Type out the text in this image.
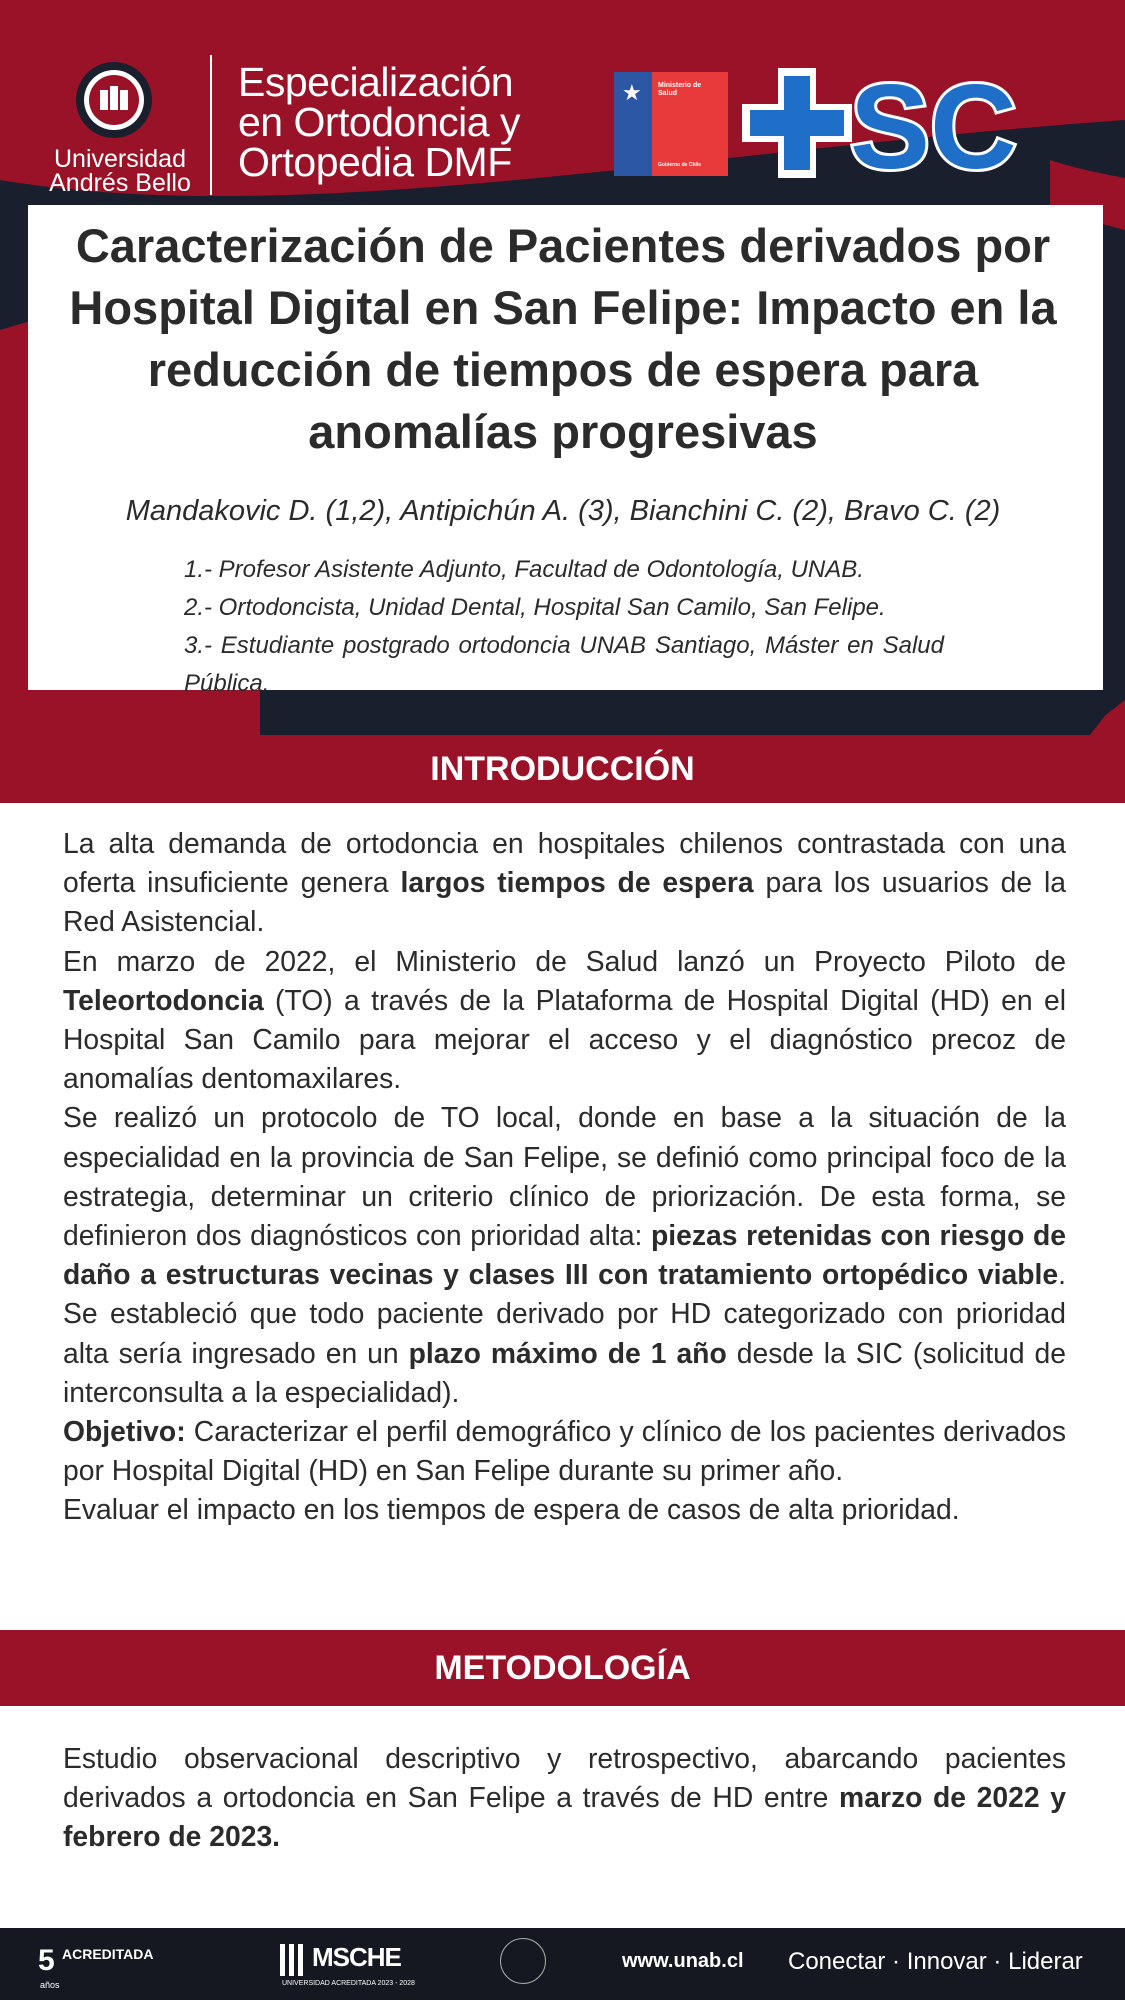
Universidad
Andrés Bello
Especialización
en Ortodoncia y
Ortopedia DMF
★ Ministerio de
Salud
Gobierno de Chile SC
Caracterización de Pacientes derivados por Hospital Digital en San Felipe: Impacto en la reducción de tiempos de espera para anomalías progresivas

Mandakovic D. (1,2), Antipichún A. (3), Bianchini C. (2), Bravo C. (2)

1.- Profesor Asistente Adjunto, Facultad de Odontología, UNAB.

2.- Ortodoncista, Unidad Dental, Hospital San Camilo, San Felipe.

3.- Estudiante postgrado ortodoncia UNAB Santiago, Máster en Salud Pública.

INTRODUCCIÓN

La alta demanda de ortodoncia en hospitales chilenos contrastada con una oferta insuficiente genera largos tiempos de espera para los usuarios de la Red Asistencial.

En marzo de 2022, el Ministerio de Salud lanzó un Proyecto Piloto de Teleortodoncia (TO) a través de la Plataforma de Hospital Digital (HD) en el Hospital San Camilo para mejorar el acceso y el diagnóstico precoz de anomalías dentomaxilares.

Se realizó un protocolo de TO local, donde en base a la situación de la especialidad en la provincia de San Felipe, se definió como principal foco de la estrategia, determinar un criterio clínico de priorización. De esta forma, se definieron dos diagnósticos con prioridad alta: piezas retenidas con riesgo de daño a estructuras vecinas y clases III con tratamiento ortopédico viable. Se estableció que todo paciente derivado por HD categorizado con prioridad alta sería ingresado en un plazo máximo de 1 año desde la SIC (solicitud de interconsulta a la especialidad).

Objetivo: Caracterizar el perfil demográfico y clínico de los pacientes derivados por Hospital Digital (HD) en San Felipe durante su primer año.

Evaluar el impacto en los tiempos de espera de casos de alta prioridad.

METODOLOGÍA

Estudio observacional descriptivo y retrospectivo, abarcando pacientes derivados a ortodoncia en San Felipe a través de HD entre marzo de 2022 y febrero de 2023.

5 ACREDITADA
años
MSCHE
UNIVERSIDAD ACREDITADA 2023 - 2028
www.unab.cl Conectar · Innovar · Liderar
